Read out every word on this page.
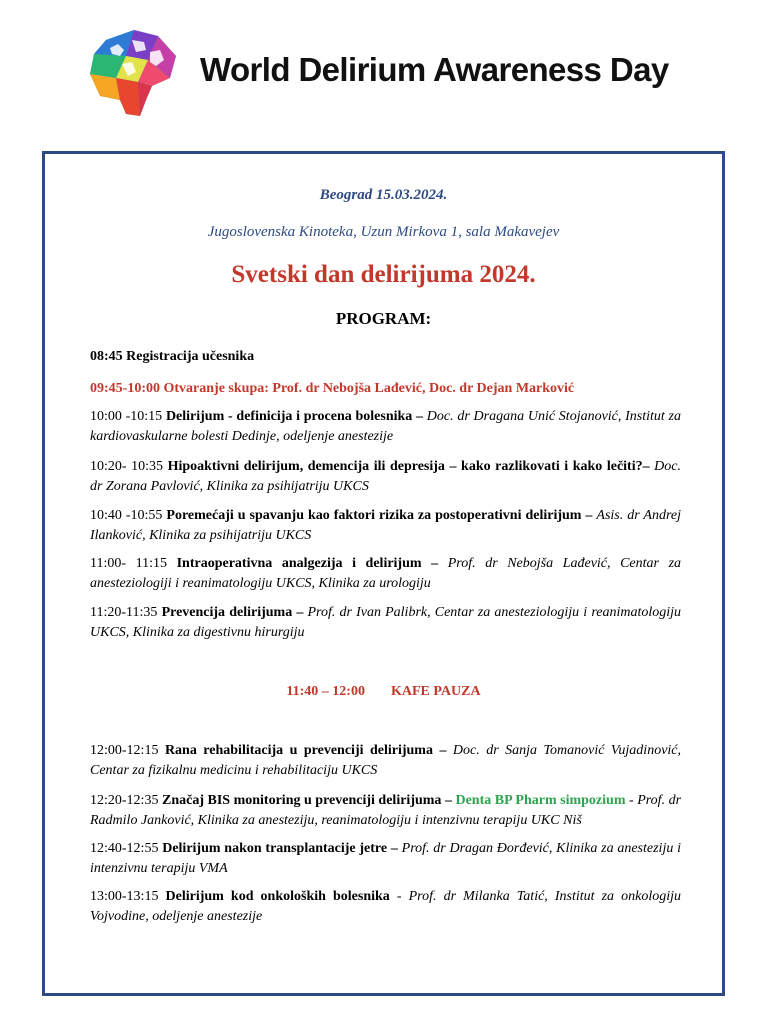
World Delirium Awareness Day
Beograd 15.03.2024.
Jugoslovenska Kinoteka, Uzun Mirkova 1, sala Makavejev
Svetski dan delirijuma 2024.
PROGRAM:
08:45 Registracija učesnika
09:45-10:00 Otvaranje skupa: Prof. dr Nebojša Lađević, Doc. dr Dejan Marković
10:00 -10:15 Delirijum - definicija i procena bolesnika – Doc. dr Dragana Unić Stojanović, Institut za kardiovaskularne bolesti Dedinje, odeljenje anestezije
10:20- 10:35 Hipoaktivni delirijum, demencija ili depresija – kako razlikovati i kako lečiti?– Doc. dr Zorana Pavlović, Klinika za psihijatriju UKCS
10:40 -10:55 Poremećaji u spavanju kao faktori rizika za postoperativni delirijum – Asis. dr Andrej Ilanković, Klinika za psihijatriju UKCS
11:00- 11:15 Intraoperativna analgezija i delirijum – Prof. dr Nebojša Lađević, Centar za anesteziologiji i reanimatologiju UKCS, Klinika za urologiju
11:20-11:35 Prevencija delirijuma – Prof. dr Ivan Palibrk, Centar za anesteziologiju i reanimatologiju UKCS, Klinika za digestivnu hirurgiju
11:40 – 12:00 KAFE PAUZA
12:00-12:15 Rana rehabilitacija u prevenciji delirijuma – Doc. dr Sanja Tomanović Vujadinović, Centar za fizikalnu medicinu i rehabilitaciju UKCS
12:20-12:35 Značaj BIS monitoring u prevenciji delirijuma – Denta BP Pharm simpozium - Prof. dr Radmilo Janković, Klinika za anesteziju, reanimatologiju i intenzivnu terapiju UKC Niš
12:40-12:55 Delirijum nakon transplantacije jetre – Prof. dr Dragan Đorđević, Klinika za anesteziju i intenzivnu terapiju VMA
13:00-13:15 Delirijum kod onkoloških bolesnika - Prof. dr Milanka Tatić, Institut za onkologiju Vojvodine, odeljenje anestezije
